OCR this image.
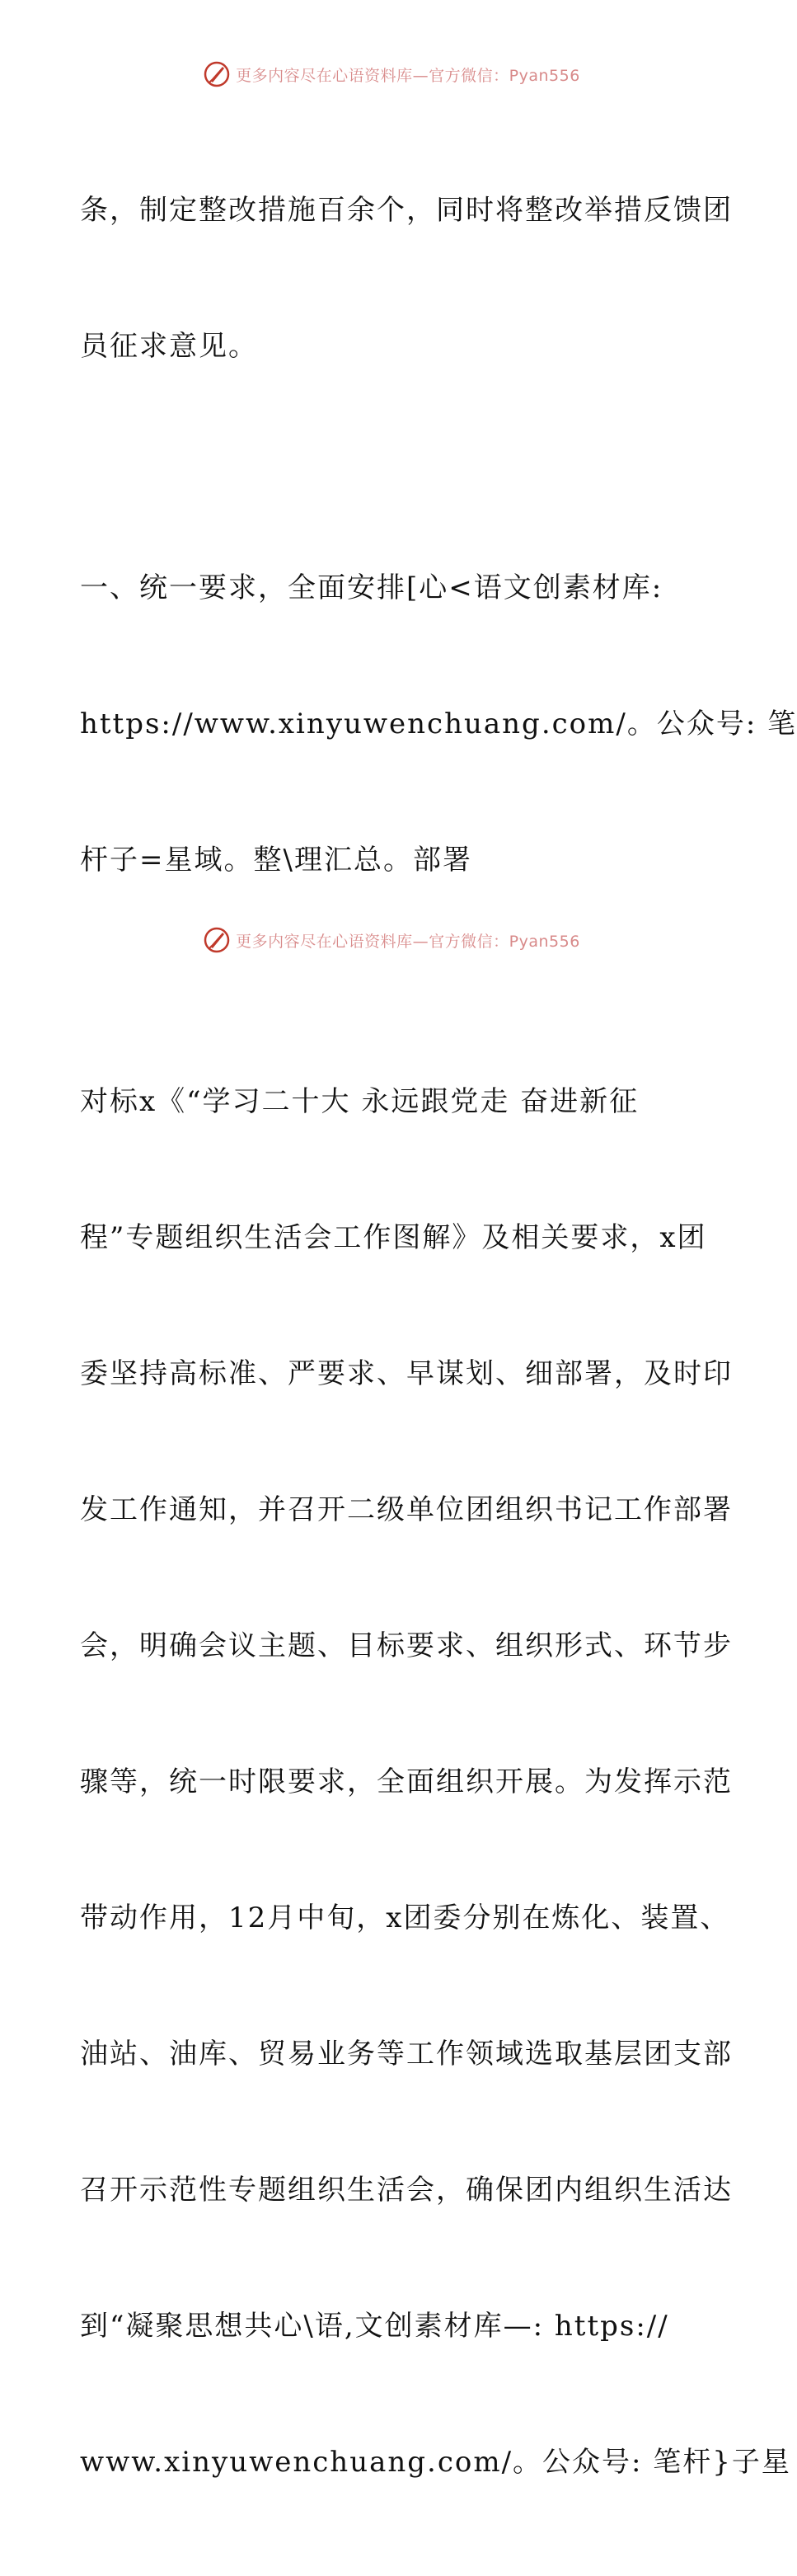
更多内容尽在心语资料库—官方微信：Pyan556

条，制定整改措施百余个，同时将整改举措反馈团

员征求意见。

一、统一要求，全面安排[心<语文创素材库:

https://www.xinyuwenchuang.com/。公众号: 笔

杆子=星域。整\理汇总。部署

对标x《“学习二十大 永远跟党走 奋进新征

程”专题组织生活会工作图解》及相关要求，x团

委坚持高标准、严要求、早谋划、细部署，及时印

发工作通知，并召开二级单位团组织书记工作部署

会，明确会议主题、目标要求、组织形式、环节步

骤等，统一时限要求，全面组织开展。为发挥示范

带动作用，12月中旬，x团委分别在炼化、装置、

油站、油库、贸易业务等工作领域选取基层团支部

召开示范性专题组织生活会，确保团内组织生活达

到“凝聚思想共心\语,文创素材库—: https://

www.xinyuwenchuang.com/。公众号: 笔杆}子星

更多内容尽在心语资料库—官方微信：Pyan556
